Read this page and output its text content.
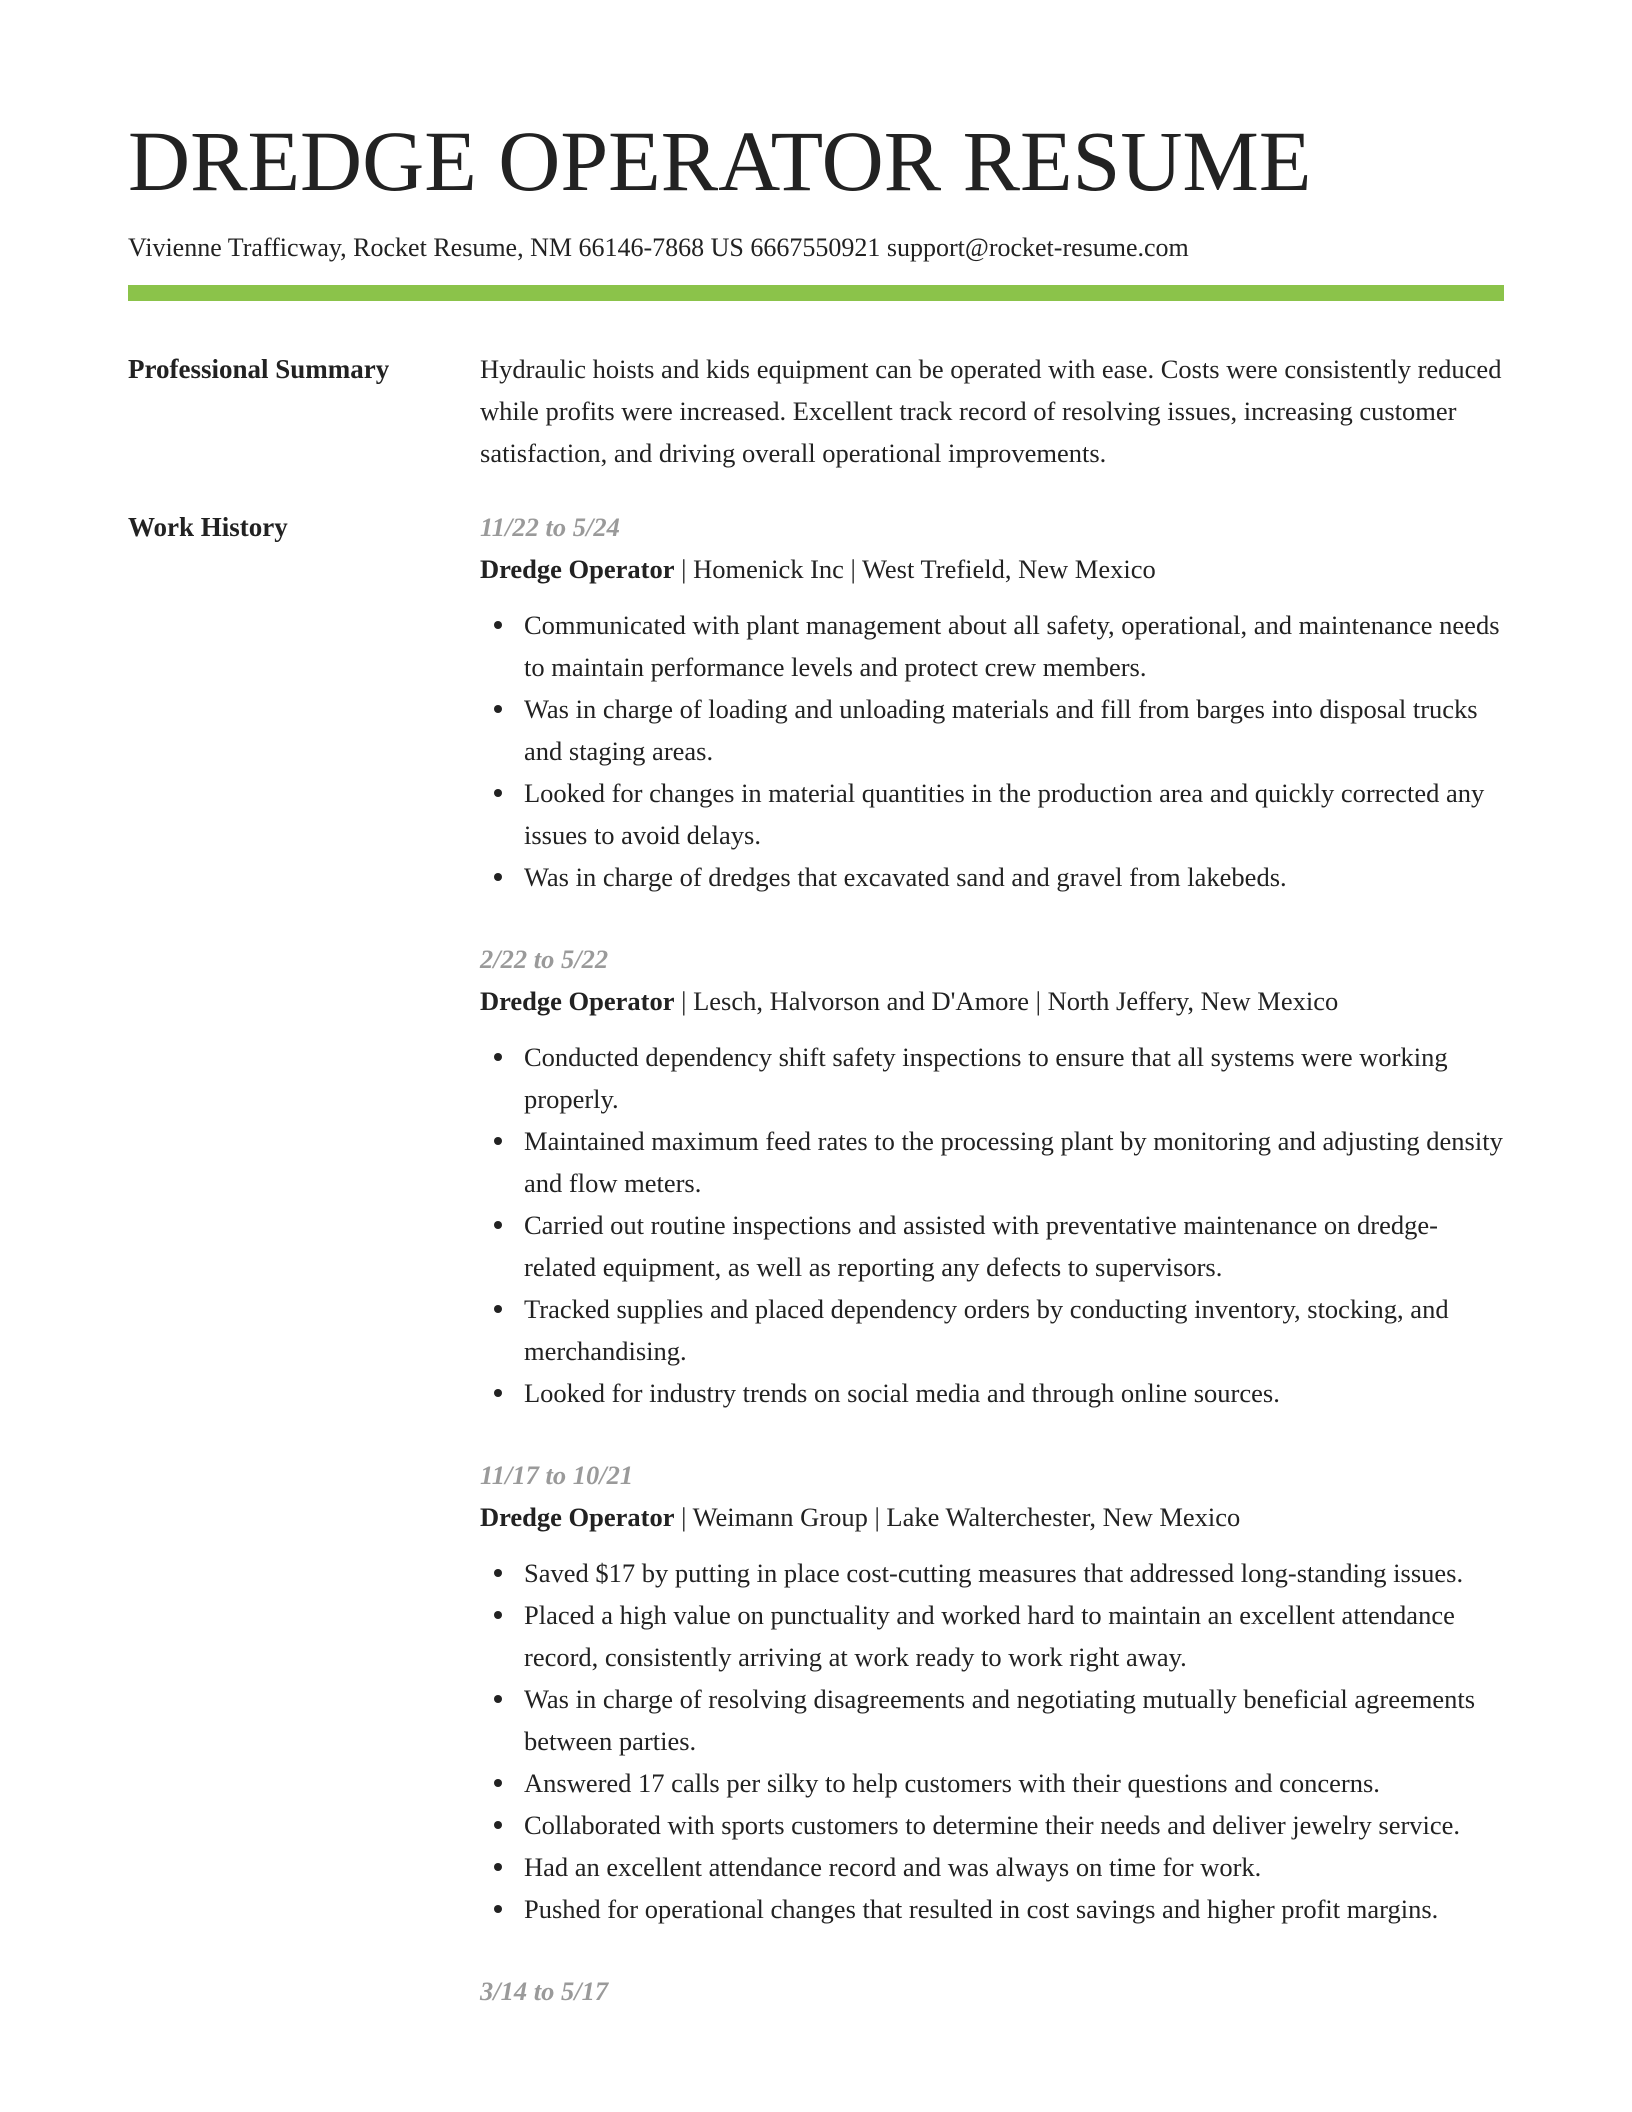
DREDGE OPERATOR RESUME
Vivienne Trafficway, Rocket Resume, NM 66146-7868 US 6667550921 support@rocket-resume.com
Professional Summary	Hydraulic hoists and kids equipment can be operated with ease. Costs were consistently reduced while profits were increased. Excellent track record of resolving issues, increasing customer satisfaction, and driving overall operational improvements.

Work History	11/22 to 5/24
Dredge Operator | Homenick Inc | West Trefield, New Mexico
Communicated with plant management about all safety, operational, and maintenance needs to maintain performance levels and protect crew members.
Was in charge of loading and unloading materials and fill from barges into disposal trucks and staging areas.
Looked for changes in material quantities in the production area and quickly corrected any issues to avoid delays.
Was in charge of dredges that excavated sand and gravel from lakebeds.
2/22 to 5/22
Dredge Operator | Lesch, Halvorson and D'Amore | North Jeffery, New Mexico
Conducted dependency shift safety inspections to ensure that all systems were working properly.
Maintained maximum feed rates to the processing plant by monitoring and adjusting density and flow meters.
Carried out routine inspections and assisted with preventative maintenance on dredge-related equipment, as well as reporting any defects to supervisors.
Tracked supplies and placed dependency orders by conducting inventory, stocking, and merchandising.
Looked for industry trends on social media and through online sources.
11/17 to 10/21
Dredge Operator | Weimann Group | Lake Walterchester, New Mexico
Saved $17 by putting in place cost-cutting measures that addressed long-standing issues.
Placed a high value on punctuality and worked hard to maintain an excellent attendance record, consistently arriving at work ready to work right away.
Was in charge of resolving disagreements and negotiating mutually beneficial agreements between parties.
Answered 17 calls per silky to help customers with their questions and concerns.
Collaborated with sports customers to determine their needs and deliver jewelry service.
Had an excellent attendance record and was always on time for work.
Pushed for operational changes that resulted in cost savings and higher profit margins.
3/14 to 5/17
